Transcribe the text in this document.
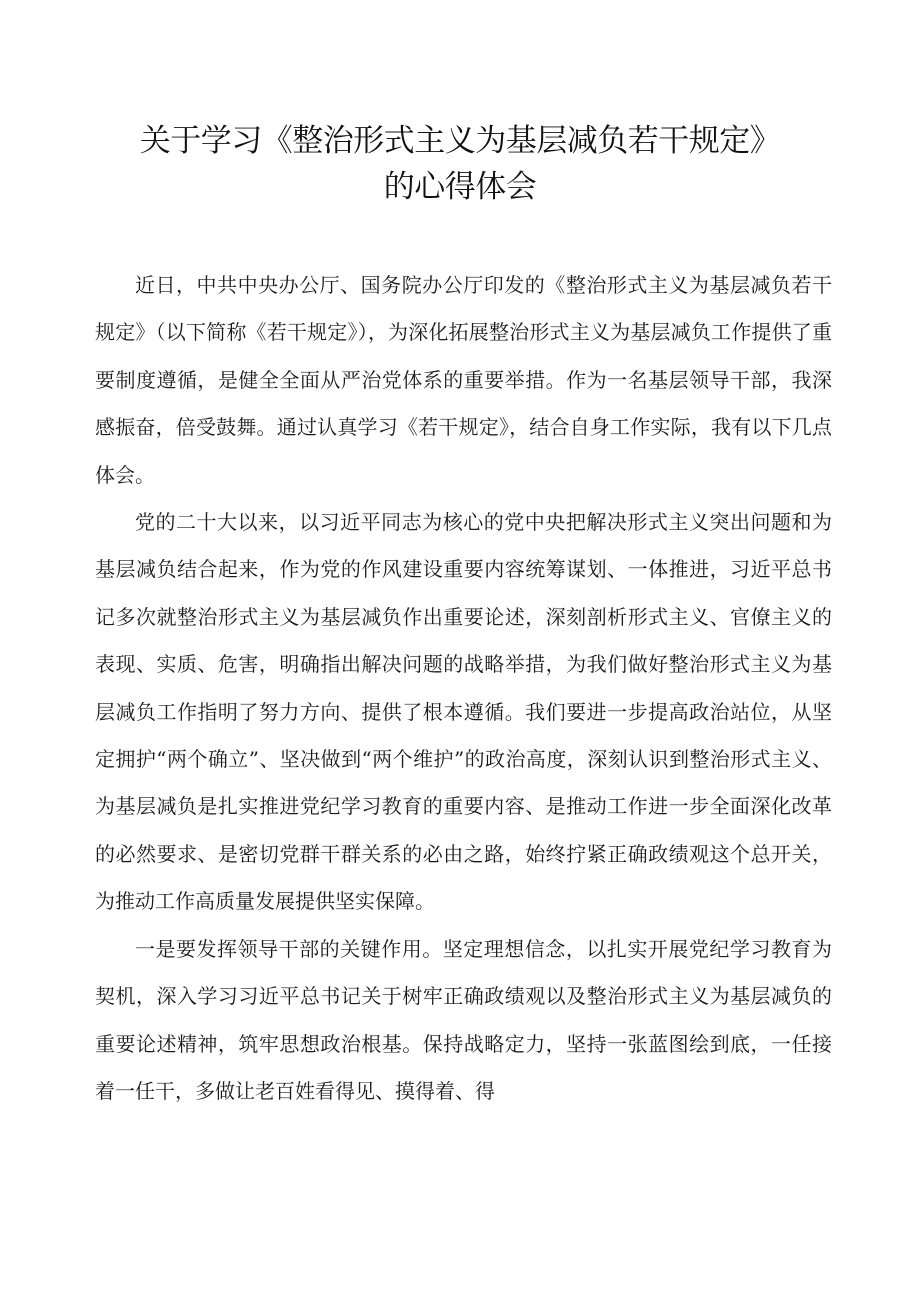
关于学习《整治形式主义为基层减负若干规定》
的心得体会

近日，中共中央办公厅、国务院办公厅印发的《整治形式主义为基层减负若干规定》（以下简称《若干规定》），为深化拓展整治形式主义为基层减负工作提供了重要制度遵循，是健全全面从严治党体系的重要举措。作为一名基层领导干部，我深感振奋，倍受鼓舞。通过认真学习《若干规定》，结合自身工作实际，我有以下几点体会。

党的二十大以来，以习近平同志为核心的党中央把解决形式主义突出问题和为基层减负结合起来，作为党的作风建设重要内容统筹谋划、一体推进，习近平总书记多次就整治形式主义为基层减负作出重要论述，深刻剖析形式主义、官僚主义的表现、实质、危害，明确指出解决问题的战略举措，为我们做好整治形式主义为基层减负工作指明了努力方向、提供了根本遵循。我们要进一步提高政治站位，从坚定拥护“两个确立”、坚决做到“两个维护”的政治高度，深刻认识到整治形式主义、为基层减负是扎实推进党纪学习教育的重要内容、是推动工作进一步全面深化改革的必然要求、是密切党群干群关系的必由之路，始终拧紧正确政绩观这个总开关，为推动工作高质量发展提供坚实保障。

一是要发挥领导干部的关键作用。坚定理想信念，以扎实开展党纪学习教育为契机，深入学习习近平总书记关于树牢正确政绩观以及整治形式主义为基层减负的重要论述精神，筑牢思想政治根基。保持战略定力，坚持一张蓝图绘到底，一任接着一任干，多做让老百姓看得见、摸得着、得
